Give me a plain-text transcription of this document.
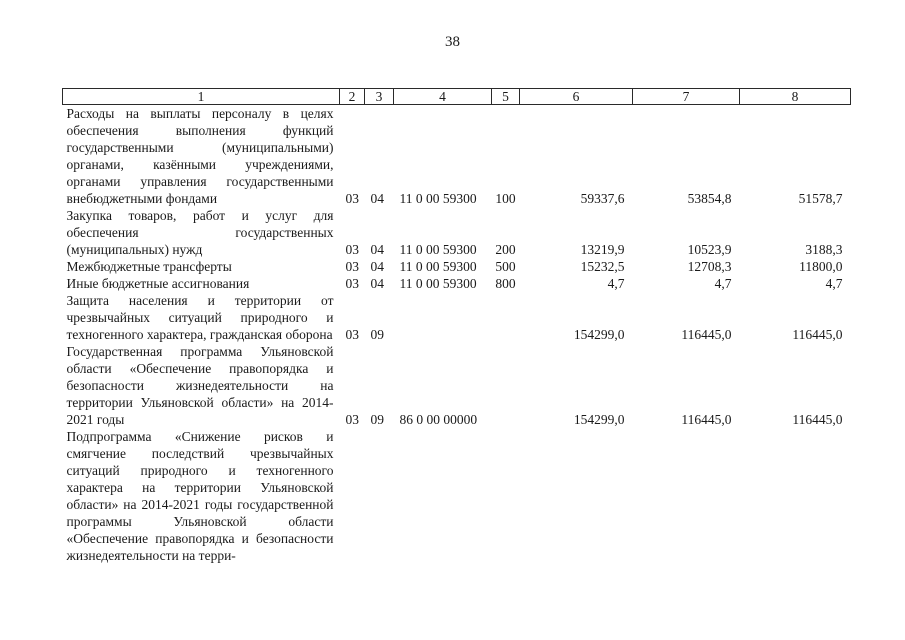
38
1	2	3	4	5	6	7	8
Расходы на выплаты персоналу в целях обеспечения выполнения функций государственными (муниципальными) органами, казёнными учреждениями, органами управления государственными внебюджетными фондами	03	04	11 0 00 59300	100	59337,6	53854,8	51578,7
Закупка товаров, работ и услуг для обеспечения государственных (муниципальных) нужд	03	04	11 0 00 59300	200	13219,9	10523,9	3188,3
Межбюджетные трансферты	03	04	11 0 00 59300	500	15232,5	12708,3	11800,0
Иные бюджетные ассигнования	03	04	11 0 00 59300	800	4,7	4,7	4,7
Защита населения и территории от чрезвычайных ситуаций природного и техногенного характера, гражданская оборона	03	09			154299,0	116445,0	116445,0
Государственная программа Ульяновской области «Обеспечение правопорядка и безопасности жизнедеятельности на территории Ульяновской области» на 2014-2021 годы	03	09	86 0 00 00000		154299,0	116445,0	116445,0
Подпрограмма «Снижение рисков и смягчение последствий чрезвычайных ситуаций природного и техногенного характера на территории Ульяновской области» на 2014-2021 годы государственной программы Ульяновской области «Обеспечение правопорядка и безопасности жизнедеятельности на терри-							
